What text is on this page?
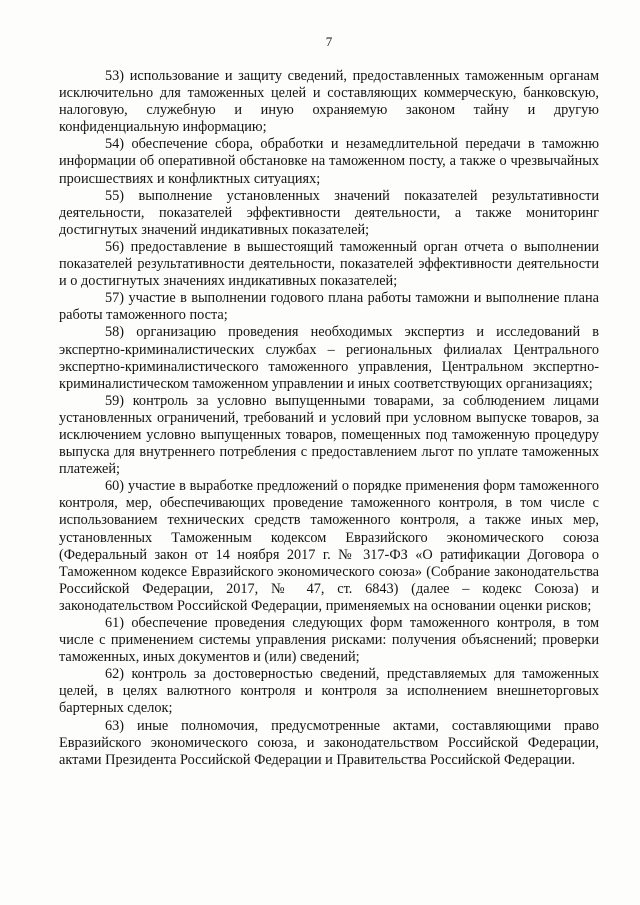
7

53) использование и защиту сведений, предоставленных таможенным органам исключительно для таможенных целей и составляющих коммерческую, банковскую, налоговую, служебную и иную охраняемую законом тайну и другую конфиденциальную информацию;

54) обеспечение сбора, обработки и незамедлительной передачи в таможню информации об оперативной обстановке на таможенном посту, а также о чрезвычайных происшествиях и конфликтных ситуациях;

55) выполнение установленных значений показателей результативности деятельности, показателей эффективности деятельности, а также мониторинг достигнутых значений индикативных показателей;

56) предоставление в вышестоящий таможенный орган отчета о выполнении показателей результативности деятельности, показателей эффективности деятельности и о достигнутых значениях индикативных показателей;

57) участие в выполнении годового плана работы таможни и выполнение плана работы таможенного поста;

58) организацию проведения необходимых экспертиз и исследований в экспертно-криминалистических службах – региональных филиалах Центрального экспертно-криминалистического таможенного управления, Центральном экспертно-криминалистическом таможенном управлении и иных соответствующих организациях;

59) контроль за условно выпущенными товарами, за соблюдением лицами установленных ограничений, требований и условий при условном выпуске товаров, за исключением условно выпущенных товаров, помещенных под таможенную процедуру выпуска для внутреннего потребления с предоставлением льгот по уплате таможенных платежей;

60) участие в выработке предложений о порядке применения форм таможенного контроля, мер, обеспечивающих проведение таможенного контроля, в том числе с использованием технических средств таможенного контроля, а также иных мер, установленных Таможенным кодексом Евразийского экономического союза (Федеральный закон от 14 ноября 2017 г. № 317-ФЗ «О ратификации Договора о Таможенном кодексе Евразийского экономического союза» (Собрание законодательства Российской Федерации, 2017, № 47, ст. 6843) (далее – кодекс Союза) и законодательством Российской Федерации, применяемых на основании оценки рисков;

61) обеспечение проведения следующих форм таможенного контроля, в том числе с применением системы управления рисками: получения объяснений; проверки таможенных, иных документов и (или) сведений;

62) контроль за достоверностью сведений, представляемых для таможенных целей, в целях валютного контроля и контроля за исполнением внешнеторговых бартерных сделок;

63) иные полномочия, предусмотренные актами, составляющими право Евразийского экономического союза, и законодательством Российской Федерации, актами Президента Российской Федерации и Правительства Российской Федерации.
